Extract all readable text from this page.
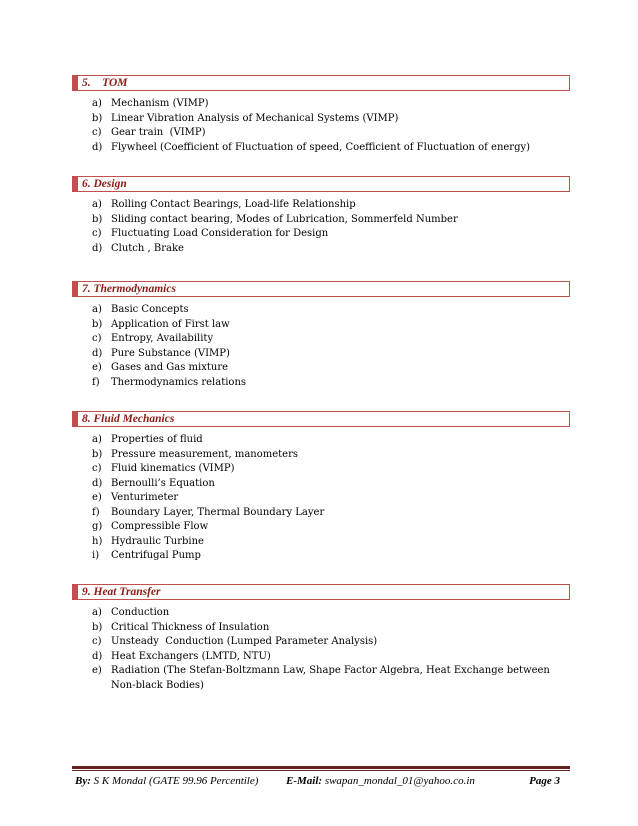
5.    TOM
a) Mechanism (VIMP)
b) Linear Vibration Analysis of Mechanical Systems (VIMP)
c) Gear train  (VIMP)
d) Flywheel (Coefficient of Fluctuation of speed, Coefficient of Fluctuation of energy)
6. Design
a) Rolling Contact Bearings, Load-life Relationship
b) Sliding contact bearing, Modes of Lubrication, Sommerfeld Number
c) Fluctuating Load Consideration for Design
d) Clutch , Brake
7. Thermodynamics
a) Basic Concepts
b) Application of First law
c) Entropy, Availability
d) Pure Substance (VIMP)
e) Gases and Gas mixture
f) Thermodynamics relations
8. Fluid Mechanics
a) Properties of fluid
b) Pressure measurement, manometers
c) Fluid kinematics (VIMP)
d) Bernoulli’s Equation
e) Venturimeter
f) Boundary Layer, Thermal Boundary Layer
g) Compressible Flow
h) Hydraulic Turbine
i) Centrifugal Pump
9. Heat Transfer
a) Conduction
b) Critical Thickness of Insulation
c) Unsteady  Conduction (Lumped Parameter Analysis)
d) Heat Exchangers (LMTD, NTU)
e) Radiation (The Stefan-Boltzmann Law, Shape Factor Algebra, Heat Exchange between Non-black Bodies)
By: S K Mondal (GATE 99.96 Percentile)	E-Mail: swapan_mondal_01@yahoo.co.in	Page 3
